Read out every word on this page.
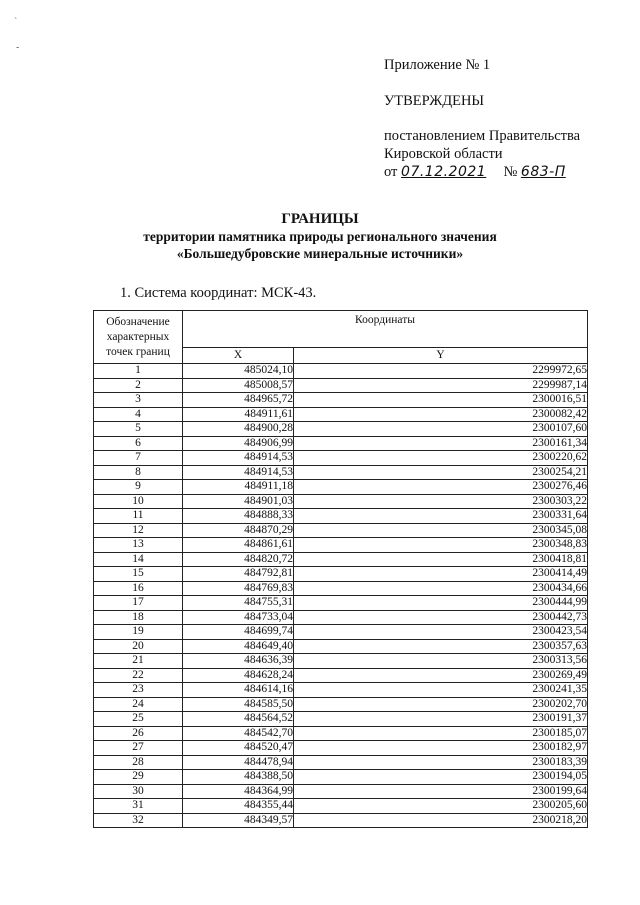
`
-
Приложение № 1
УТВЕРЖДЕНЫ
постановлением Правительства
Кировской области
от 07.12.2021 № 683-П
ГРАНИЦЫ
территории памятника природы регионального значения
«Большедубровские минеральные источники»
1. Система координат: МСК-43.
Обозначение характерных точек границ	Координаты	
	X	Y
1	485024,10	2299972,65
2	485008,57	2299987,14
3	484965,72	2300016,51
4	484911,61	2300082,42
5	484900,28	2300107,60
6	484906,99	2300161,34
7	484914,53	2300220,62
8	484914,53	2300254,21
9	484911,18	2300276,46
10	484901,03	2300303,22
11	484888,33	2300331,64
12	484870,29	2300345,08
13	484861,61	2300348,83
14	484820,72	2300418,81
15	484792,81	2300414,49
16	484769,83	2300434,66
17	484755,31	2300444,99
18	484733,04	2300442,73
19	484699,74	2300423,54
20	484649,40	2300357,63
21	484636,39	2300313,56
22	484628,24	2300269,49
23	484614,16	2300241,35
24	484585,50	2300202,70
25	484564,52	2300191,37
26	484542,70	2300185,07
27	484520,47	2300182,97
28	484478,94	2300183,39
29	484388,50	2300194,05
30	484364,99	2300199,64
31	484355,44	2300205,60
32	484349,57	2300218,20
